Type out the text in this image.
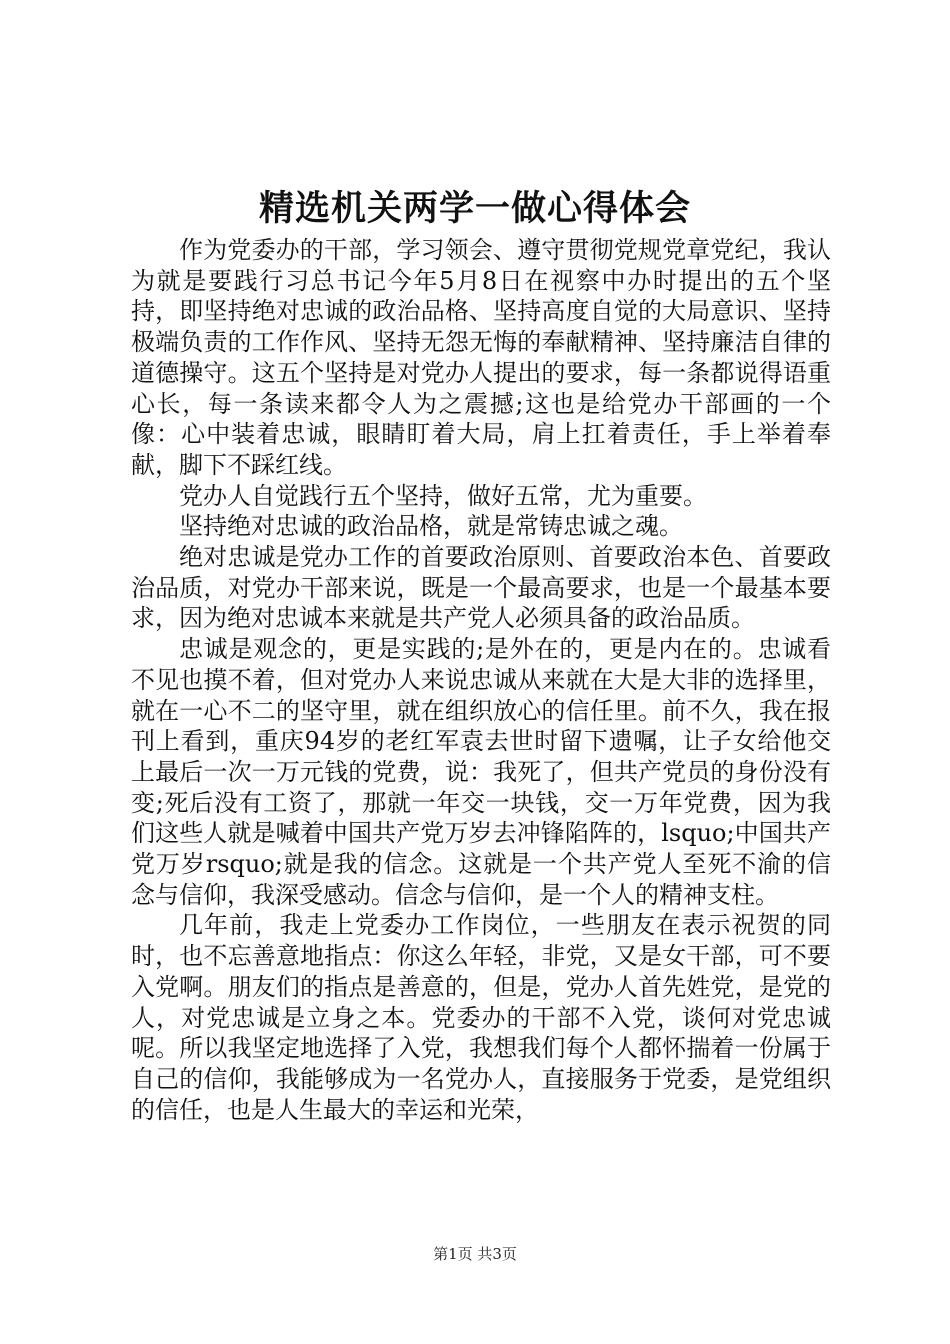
精选机关两学一做心得体会

作为党委办的干部，学习领会、遵守贯彻党规党章党纪，我认为就是要践行习总书记今年5月8日在视察中办时提出的五个坚持，即坚持绝对忠诚的政治品格、坚持高度自觉的大局意识、坚持极端负责的工作作风、坚持无怨无悔的奉献精神、坚持廉洁自律的道德操守。这五个坚持是对党办人提出的要求，每一条都说得语重心长，每一条读来都令人为之震撼;这也是给党办干部画的一个像：心中装着忠诚，眼睛盯着大局，肩上扛着责任，手上举着奉献，脚下不踩红线。

党办人自觉践行五个坚持，做好五常，尤为重要。

坚持绝对忠诚的政治品格，就是常铸忠诚之魂。

绝对忠诚是党办工作的首要政治原则、首要政治本色、首要政治品质，对党办干部来说，既是一个最高要求，也是一个最基本要求，因为绝对忠诚本来就是共产党人必须具备的政治品质。

忠诚是观念的，更是实践的;是外在的，更是内在的。忠诚看不见也摸不着，但对党办人来说忠诚从来就在大是大非的选择里，就在一心不二的坚守里，就在组织放心的信任里。前不久，我在报刊上看到，重庆94岁的老红军袁去世时留下遗嘱，让子女给他交上最后一次一万元钱的党费，说：我死了，但共产党员的身份没有变;死后没有工资了，那就一年交一块钱，交一万年党费，因为我们这些人就是喊着中国共产党万岁去冲锋陷阵的，lsquo;中国共产党万岁rsquo;就是我的信念。这就是一个共产党人至死不渝的信念与信仰，我深受感动。信念与信仰，是一个人的精神支柱。

几年前，我走上党委办工作岗位，一些朋友在表示祝贺的同时，也不忘善意地指点：你这么年轻，非党，又是女干部，可不要入党啊。朋友们的指点是善意的，但是，党办人首先姓党，是党的人，对党忠诚是立身之本。党委办的干部不入党，谈何对党忠诚呢。所以我坚定地选择了入党，我想我们每个人都怀揣着一份属于自己的信仰，我能够成为一名党办人，直接服务于党委，是党组织的信任，也是人生最大的幸运和光荣，

第1页 共3页
